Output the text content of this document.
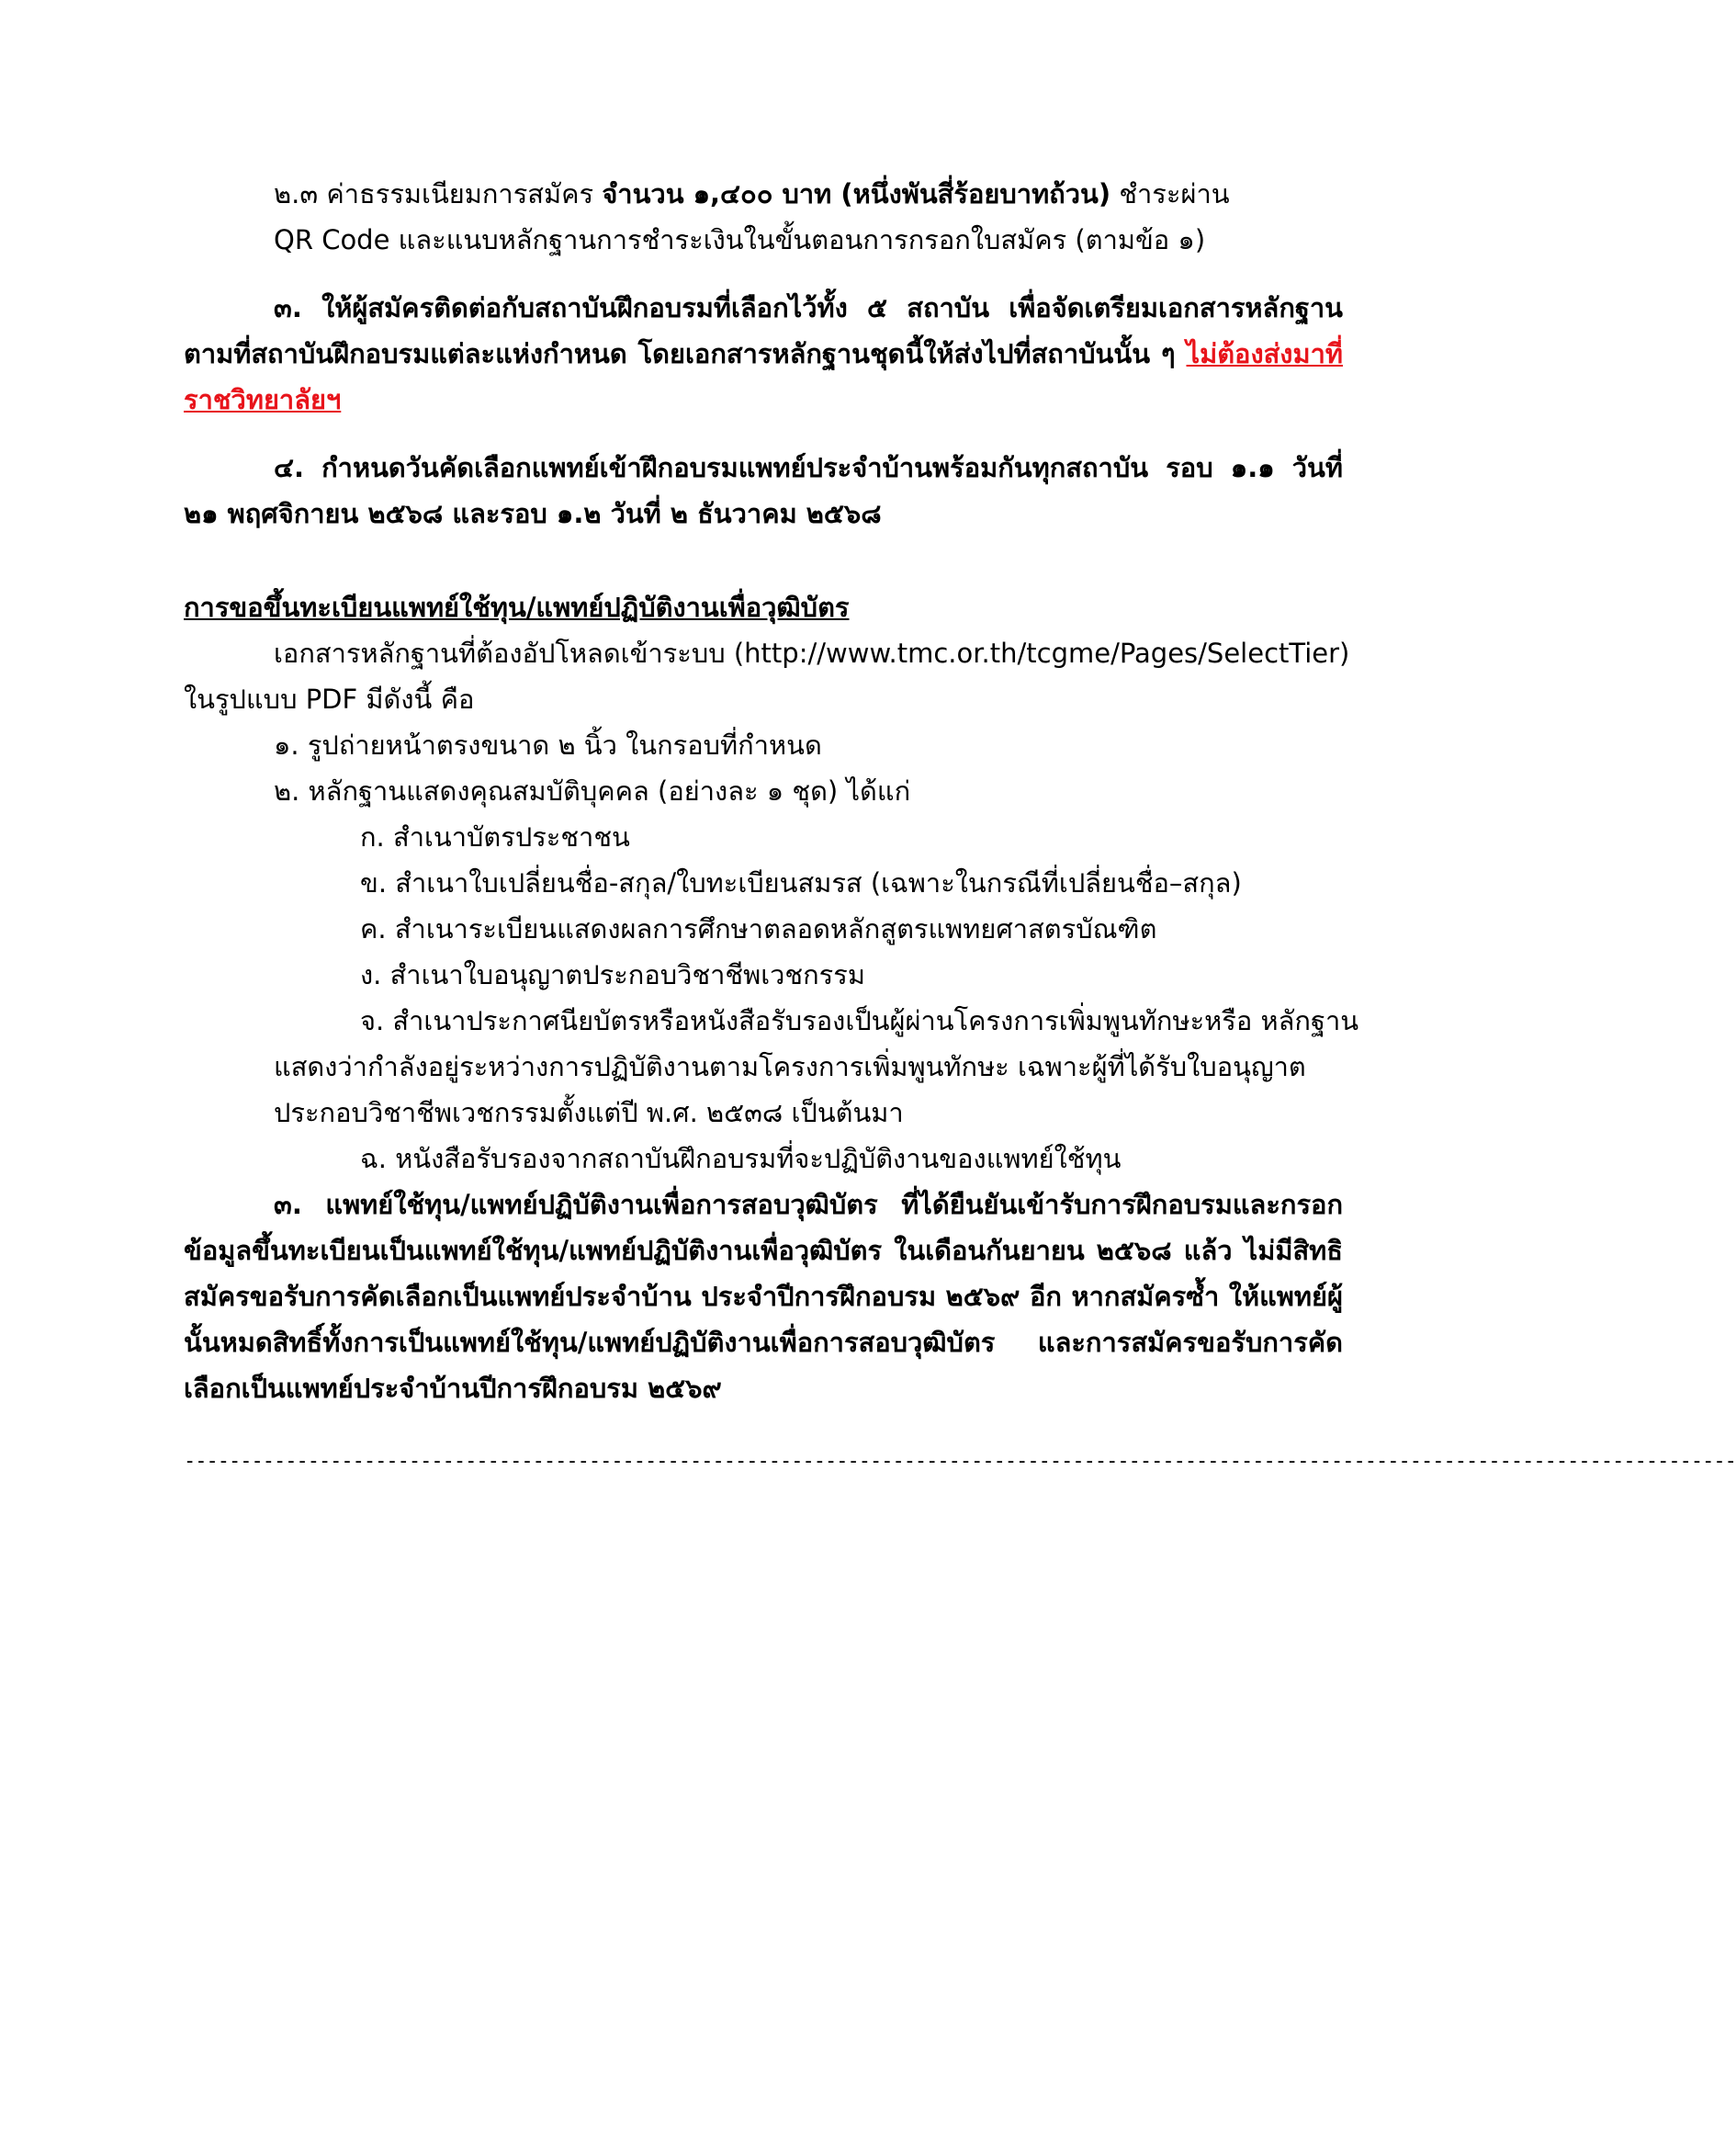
๒.๓ ค่าธรรมเนียมการสมัคร จำนวน ๑,๔๐๐ บาท (หนึ่งพันสี่ร้อยบาทถ้วน) ชำระผ่าน
QR Code และแนบหลักฐานการชำระเงินในขั้นตอนการกรอกใบสมัคร (ตามข้อ ๑)
๓. ให้ผู้สมัครติดต่อกับสถาบันฝึกอบรมที่เลือกไว้ทั้ง ๕ สถาบัน เพื่อจัดเตรียมเอกสารหลักฐานตามที่สถาบันฝึกอบรมแต่ละแห่งกำหนด โดยเอกสารหลักฐานชุดนี้ให้ส่งไปที่สถาบันนั้น ๆ ไม่ต้องส่งมาที่ราชวิทยาลัยฯ
๔. กำหนดวันคัดเลือกแพทย์เข้าฝึกอบรมแพทย์ประจำบ้านพร้อมกันทุกสถาบัน รอบ ๑.๑ วันที่ ๒๑ พฤศจิกายน ๒๕๖๘ และรอบ ๑.๒ วันที่ ๒ ธันวาคม ๒๕๖๘
การขอขึ้นทะเบียนแพทย์ใช้ทุน/แพทย์ปฏิบัติงานเพื่อวุฒิบัตร
เอกสารหลักฐานที่ต้องอัปโหลดเข้าระบบ (http://www.tmc.or.th/tcgme/Pages/SelectTier)
ในรูปแบบ PDF มีดังนี้ คือ
๑. รูปถ่ายหน้าตรงขนาด ๒ นิ้ว ในกรอบที่กำหนด
๒. หลักฐานแสดงคุณสมบัติบุคคล (อย่างละ ๑ ชุด) ได้แก่
ก. สำเนาบัตรประชาชน
ข. สำเนาใบเปลี่ยนชื่อ-สกุล/ใบทะเบียนสมรส (เฉพาะในกรณีที่เปลี่ยนชื่อ–สกุล)
ค. สำเนาระเบียนแสดงผลการศึกษาตลอดหลักสูตรแพทยศาสตรบัณฑิต
ง. สำเนาใบอนุญาตประกอบวิชาชีพเวชกรรม
จ. สำเนาประกาศนียบัตรหรือหนังสือรับรองเป็นผู้ผ่านโครงการเพิ่มพูนทักษะหรือ หลักฐาน
แสดงว่ากำลังอยู่ระหว่างการปฏิบัติงานตามโครงการเพิ่มพูนทักษะ เฉพาะผู้ที่ได้รับใบอนุญาต
ประกอบวิชาชีพเวชกรรมตั้งแต่ปี พ.ศ. ๒๕๓๘ เป็นต้นมา
ฉ. หนังสือรับรองจากสถาบันฝึกอบรมที่จะปฏิบัติงานของแพทย์ใช้ทุน
๓. แพทย์ใช้ทุน/แพทย์ปฏิบัติงานเพื่อการสอบวุฒิบัตร ที่ได้ยืนยันเข้ารับการฝึกอบรมและกรอกข้อมูลขึ้นทะเบียนเป็นแพทย์ใช้ทุน/แพทย์ปฏิบัติงานเพื่อวุฒิบัตร ในเดือนกันยายน ๒๕๖๘ แล้ว ไม่มีสิทธิสมัครขอรับการคัดเลือกเป็นแพทย์ประจำบ้าน ประจำปีการฝึกอบรม ๒๕๖๙ อีก หากสมัครซ้ำ ให้แพทย์ผู้นั้นหมดสิทธิ์ทั้งการเป็นแพทย์ใช้ทุน/แพทย์ปฏิบัติงานเพื่อการสอบวุฒิบัตร และการสมัครขอรับการคัดเลือกเป็นแพทย์ประจำบ้านปีการฝึกอบรม ๒๕๖๙
------------------------------------------------------------------------------------------------------------------------------------------
